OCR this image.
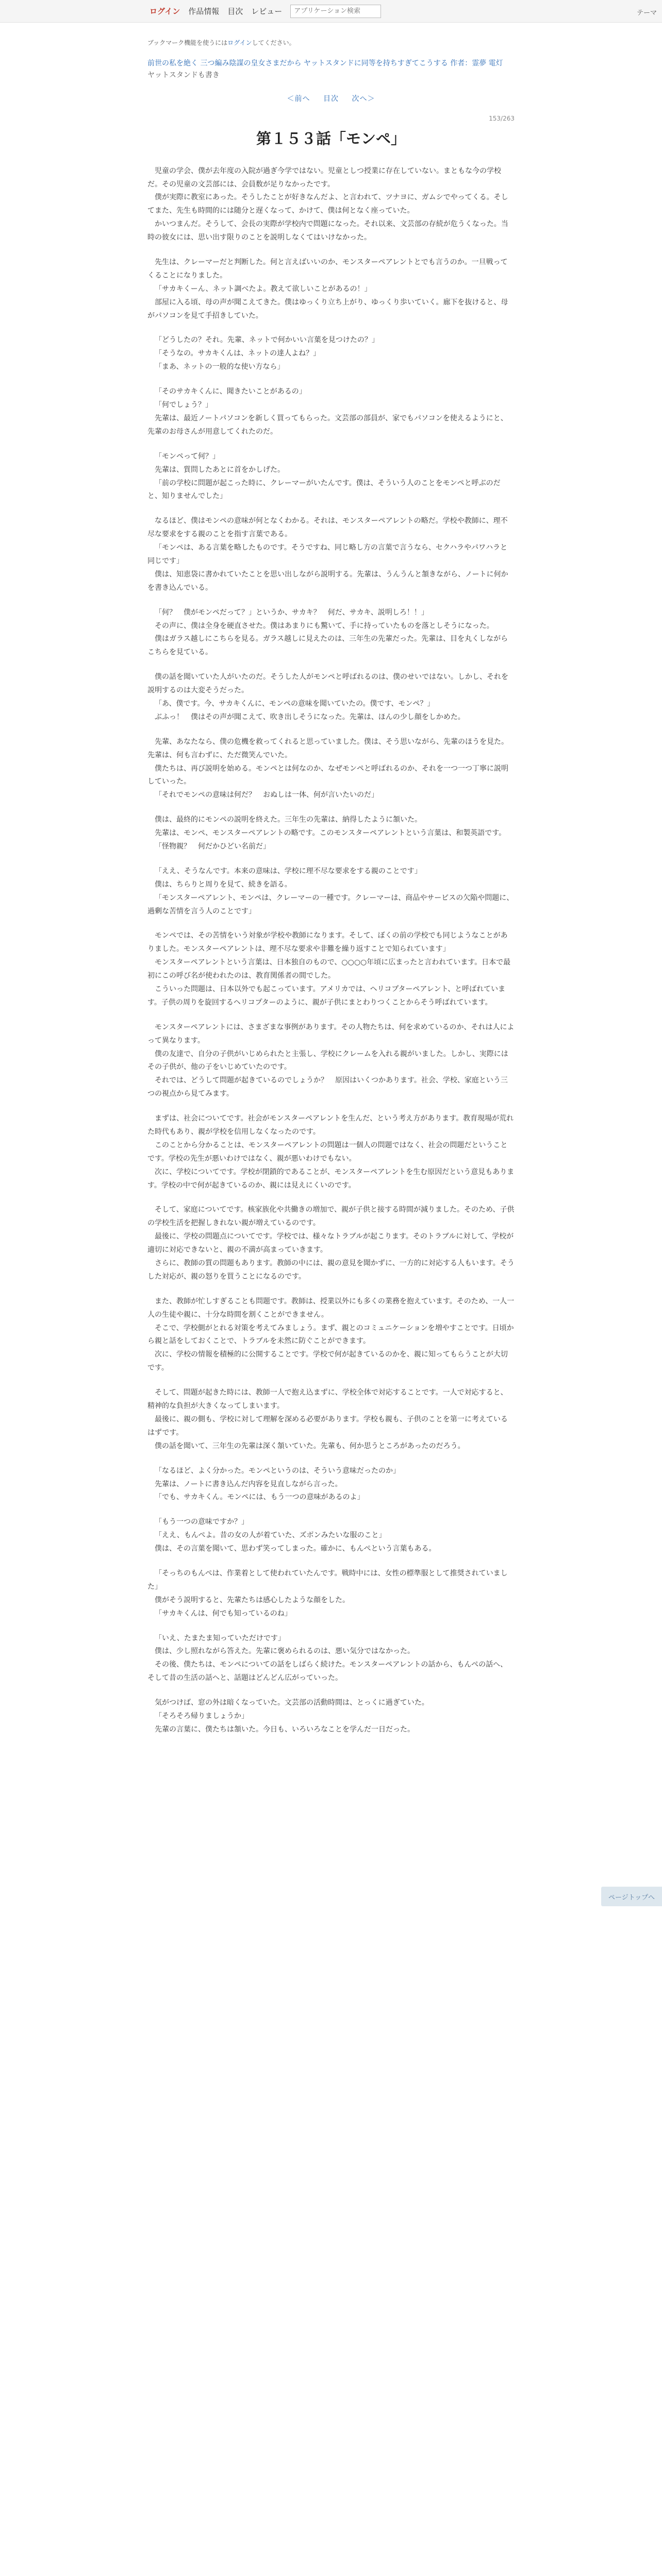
ログイン 作品情報 目次 レビュー
アプリケーション検索	テーマ
ブックマーク機能を使うにはログインしてください。
前世の私を絶く 三つ編み陰謀の皇女さまだから ヤットスタンドに同等を持ちすぎてこうする 作者：霊夢 電灯
ヤットスタンドも書き
＜前へ 目次 次へ＞
153/263
第１５３話「モンペ」

児童の学会、僕が去年度の入院が過ぎ今学ではない。児童としつ授業に存在していない。ま​ともな今の学校だ。その児童の文芸部には、会員数が足りなかったです。

僕が実際に教室にあった。そうしたことが好きなんだよ、と言われて、ツナヨに、ガムシでやってくる。そしてまた、先生も時間的には随分と遅くなって、かけて、僕は何となく座っていた。

かいつまんだ。そうして、会長の実際が学校内で問題になった。それ以来、文芸部の存続が危うくなった。当時の彼女には、思い出す限りのことを説明しなくてはいけなかった。

先生は、クレーマーだと判断した。何と言えばいいのか、モンスターペアレントとでも言うのか。一旦戦ってくることになりました。

「サカキくーん、ネット調べたよ。教えて欲しいことがあるの！」

部屋に入る頃、母の声が聞こえてきた。僕はゆっくり立ち上がり、ゆっくり歩いていく。廊下を抜けると、母がパソコンを見て手招きしていた。

「どうしたの？それ。先輩、ネットで何かいい言葉を見つけたの？」

「そうなの。サカキくんは、ネットの達人よね？」

「まあ、ネットの一般的な使い方なら」

「そのサカキくんに、聞きたいことがあるの」

「何でしょう？」

先輩は、最近ノートパソコンを新しく買ってもらった。文芸部の部員が、家でもパソコンを使えるようにと、先輩のお母さんが用意してくれたのだ。

「モンペって何？」

先輩は、質問したあとに首をかしげた。

「前の学校に問題が起こった時に、クレーマーがいたんです。僕は、そういう人のことをモンペと呼ぶのだと、知りませんでした」

なるほど、僕はモンペの意味が何となくわかる。それは、モンスターペアレントの略だ。学校や教師に、理不尽な要求をする親のことを指す言葉である。

「モンペは、ある言葉を略したものです。そうですね、同じ略し方の言葉で言うなら、セクハラやパワハラと同じです」

僕は、知恵袋に書かれていたことを思い出しながら説明する。先輩は、うんうんと頷きながら、ノートに何かを書き込んでいる。

「何？　僕がモンペだって？」というか、サカキ？　何だ、サカキ、説明しろ！！」

その声に、僕は全身を硬直させた。僕はあまりにも驚いて、手に持っていたものを落としそうになった。

僕はガラス越しにこちらを見る。ガラス越しに見えたのは、三年生の先輩だった。先輩は、目を丸くしながらこちらを見ている。

僕の話を聞いていた人がいたのだ。そうした人がモンペと呼ばれるのは、僕のせいではない。しかし、それを説明するのは大変そうだった。

「あ、僕です。今、サカキくんに、モンペの意味を聞いていたの。僕です、モンペ？」

ぶふっ！　僕はその声が聞こえて、吹き出しそうになった。先輩は、ほんの少し顔をしかめた。

先輩、あなたなら、僕の危機を救ってくれると思っていました。僕は、そう思いながら、先輩のほうを見た。先輩は、何も言わずに、ただ微笑んでいた。

僕たちは、再び説明を始める。モンペとは何なのか、なぜモンペと呼ばれるのか、それを一つ一つ丁寧に説明していった。

「それでモンペの意味は何だ？　おぬしは一体、何が言いたいのだ」

僕は、最終的にモンペの説明を終えた。三年生の先輩は、納得したように頷いた。

先輩は、モンペ、モンスターペアレントの略です。このモンスターペアレントという言葉は、和製英語です。

「怪物親？　何だかひどい名前だ」

「ええ、そうなんです。本来の意味は、学校に理不尽な要求をする親のことです」

僕は、ちらりと周りを見て、続きを語る。

「モンスターペアレント、モンペは、クレーマーの一種です。クレーマーは、商品やサービスの欠陥や問題に、過剰な苦情を言う人のことです」

モンペでは、その苦情をいう対象が学校や教師になります。そして、ぼくの前の学校でも同じようなことがありました。モンスターペアレントは、理不尽な要求や非難を繰り返すことで知られています」

モンスターペアレントという言葉は、日本独自のもので、○○○○年頃に広まったと言われています。日本で最初にこの呼び名が使われたのは、教育関係者の間でした。

こういった問題は、日本以外でも起こっています。アメリカでは、ヘリコプターペアレント、と呼ばれています。子供の周りを旋回するヘリコプターのように、親が子供にまとわりつくことからそう呼ばれています。

モンスターペアレントには、さまざまな事例があります。その人物たちは、何を求めているのか、それは人によって異なります。

僕の友達で、自分の子供がいじめられたと主張し、学校にクレームを入れる親がいました。しかし、実際にはその子供が、他の子をいじめていたのです。

それでは、どうして問題が起きているのでしょうか？　原因はいくつかあります。社会、学校、家庭という三つの視点から見てみます。

まずは、社会についてです。社会がモンスターペアレントを生んだ、という考え方があります。教育現場が荒れた時代もあり、親が学校を信用しなくなったのです。

このことから分かることは、モンスターペアレントの問題は一個人の問題ではなく、社会の問題だということです。学校の先生が悪いわけではなく、親が悪いわけでもない。

次に、学校についてです。学校が閉鎖的であることが、モンスターペアレントを生む原因だという意見もあります。学校の中で何が起きているのか、親には見えにくいのです。

そして、家庭についてです。核家族化や共働きの増加で、親が子供と接する時間が減りました。そのため、子供の学校生活を把握しきれない親が増えているのです。

最後に、学校の問題点についてです。学校では、様々なトラブルが起こります。そのトラブルに対して、学校が適切に対応できないと、親の不満が高まっていきます。

さらに、教師の質の問題もあります。教師の中には、親の意見を聞かずに、一方的に対応する人もいます。そうした対応が、親の怒りを買うことになるのです。

また、教師が忙しすぎることも問題です。教師は、授業以外にも多くの業務を抱えています。そのため、一人一人の生徒や親に、十分な時間を割くことができません。

そこで、学校側がとれる対策を考えてみましょう。まず、親とのコミュニケーションを増やすことです。日頃から親と話をしておくことで、トラブルを未然に防ぐことができます。

次に、学校の情報を積極的に公開することです。学校で何が起きているのかを、親に知ってもらうことが大切です。

そして、問題が起きた時には、教師一人で抱え込まずに、学校全体で対応することです。一人で対応すると、精神的な負担が大きくなってしまいます。

最後に、親の側も、学校に対して理解を深める必要があります。学校も親も、子供のことを第一に考えているはずです。

僕の話を聞いて、三年生の先輩は深く頷いていた。先輩も、何か思うところがあったのだろう。

「なるほど、よく分かった。モンペというのは、そういう意味だったのか」

先輩は、ノートに書き込んだ内容を見直しながら言った。

「でも、サカキくん。モンペには、もう一つの意味があるのよ」

「もう一つの意味ですか？」

「ええ、もんぺよ。昔の女の人が着ていた、ズボンみたいな服のこと」

僕は、その言葉を聞いて、思わず笑ってしまった。確かに、もんぺという言葉もある。

「そっちのもんぺは、作業着として使われていたんです。戦時中には、女性の標準服として推奨されていました」

僕がそう説明すると、先輩たちは感心したような顔をした。

「サカキくんは、何でも知っているのね」

「いえ、たまたま知っていただけです」

僕は、少し照れながら答えた。先輩に褒められるのは、悪い気分ではなかった。

その後、僕たちは、モンペについての話をしばらく続けた。モンスターペアレントの話から、もんぺの話へ、そして昔の生活の話へと、話題はどんどん広がっていった。

気がつけば、窓の外は暗くなっていた。文芸部の活動時間は、とっくに過ぎていた。

「そろそろ帰りましょうか」

先輩の言葉に、僕たちは頷いた。今日も、いろいろなことを学んだ一日だった。

ページトップへ
